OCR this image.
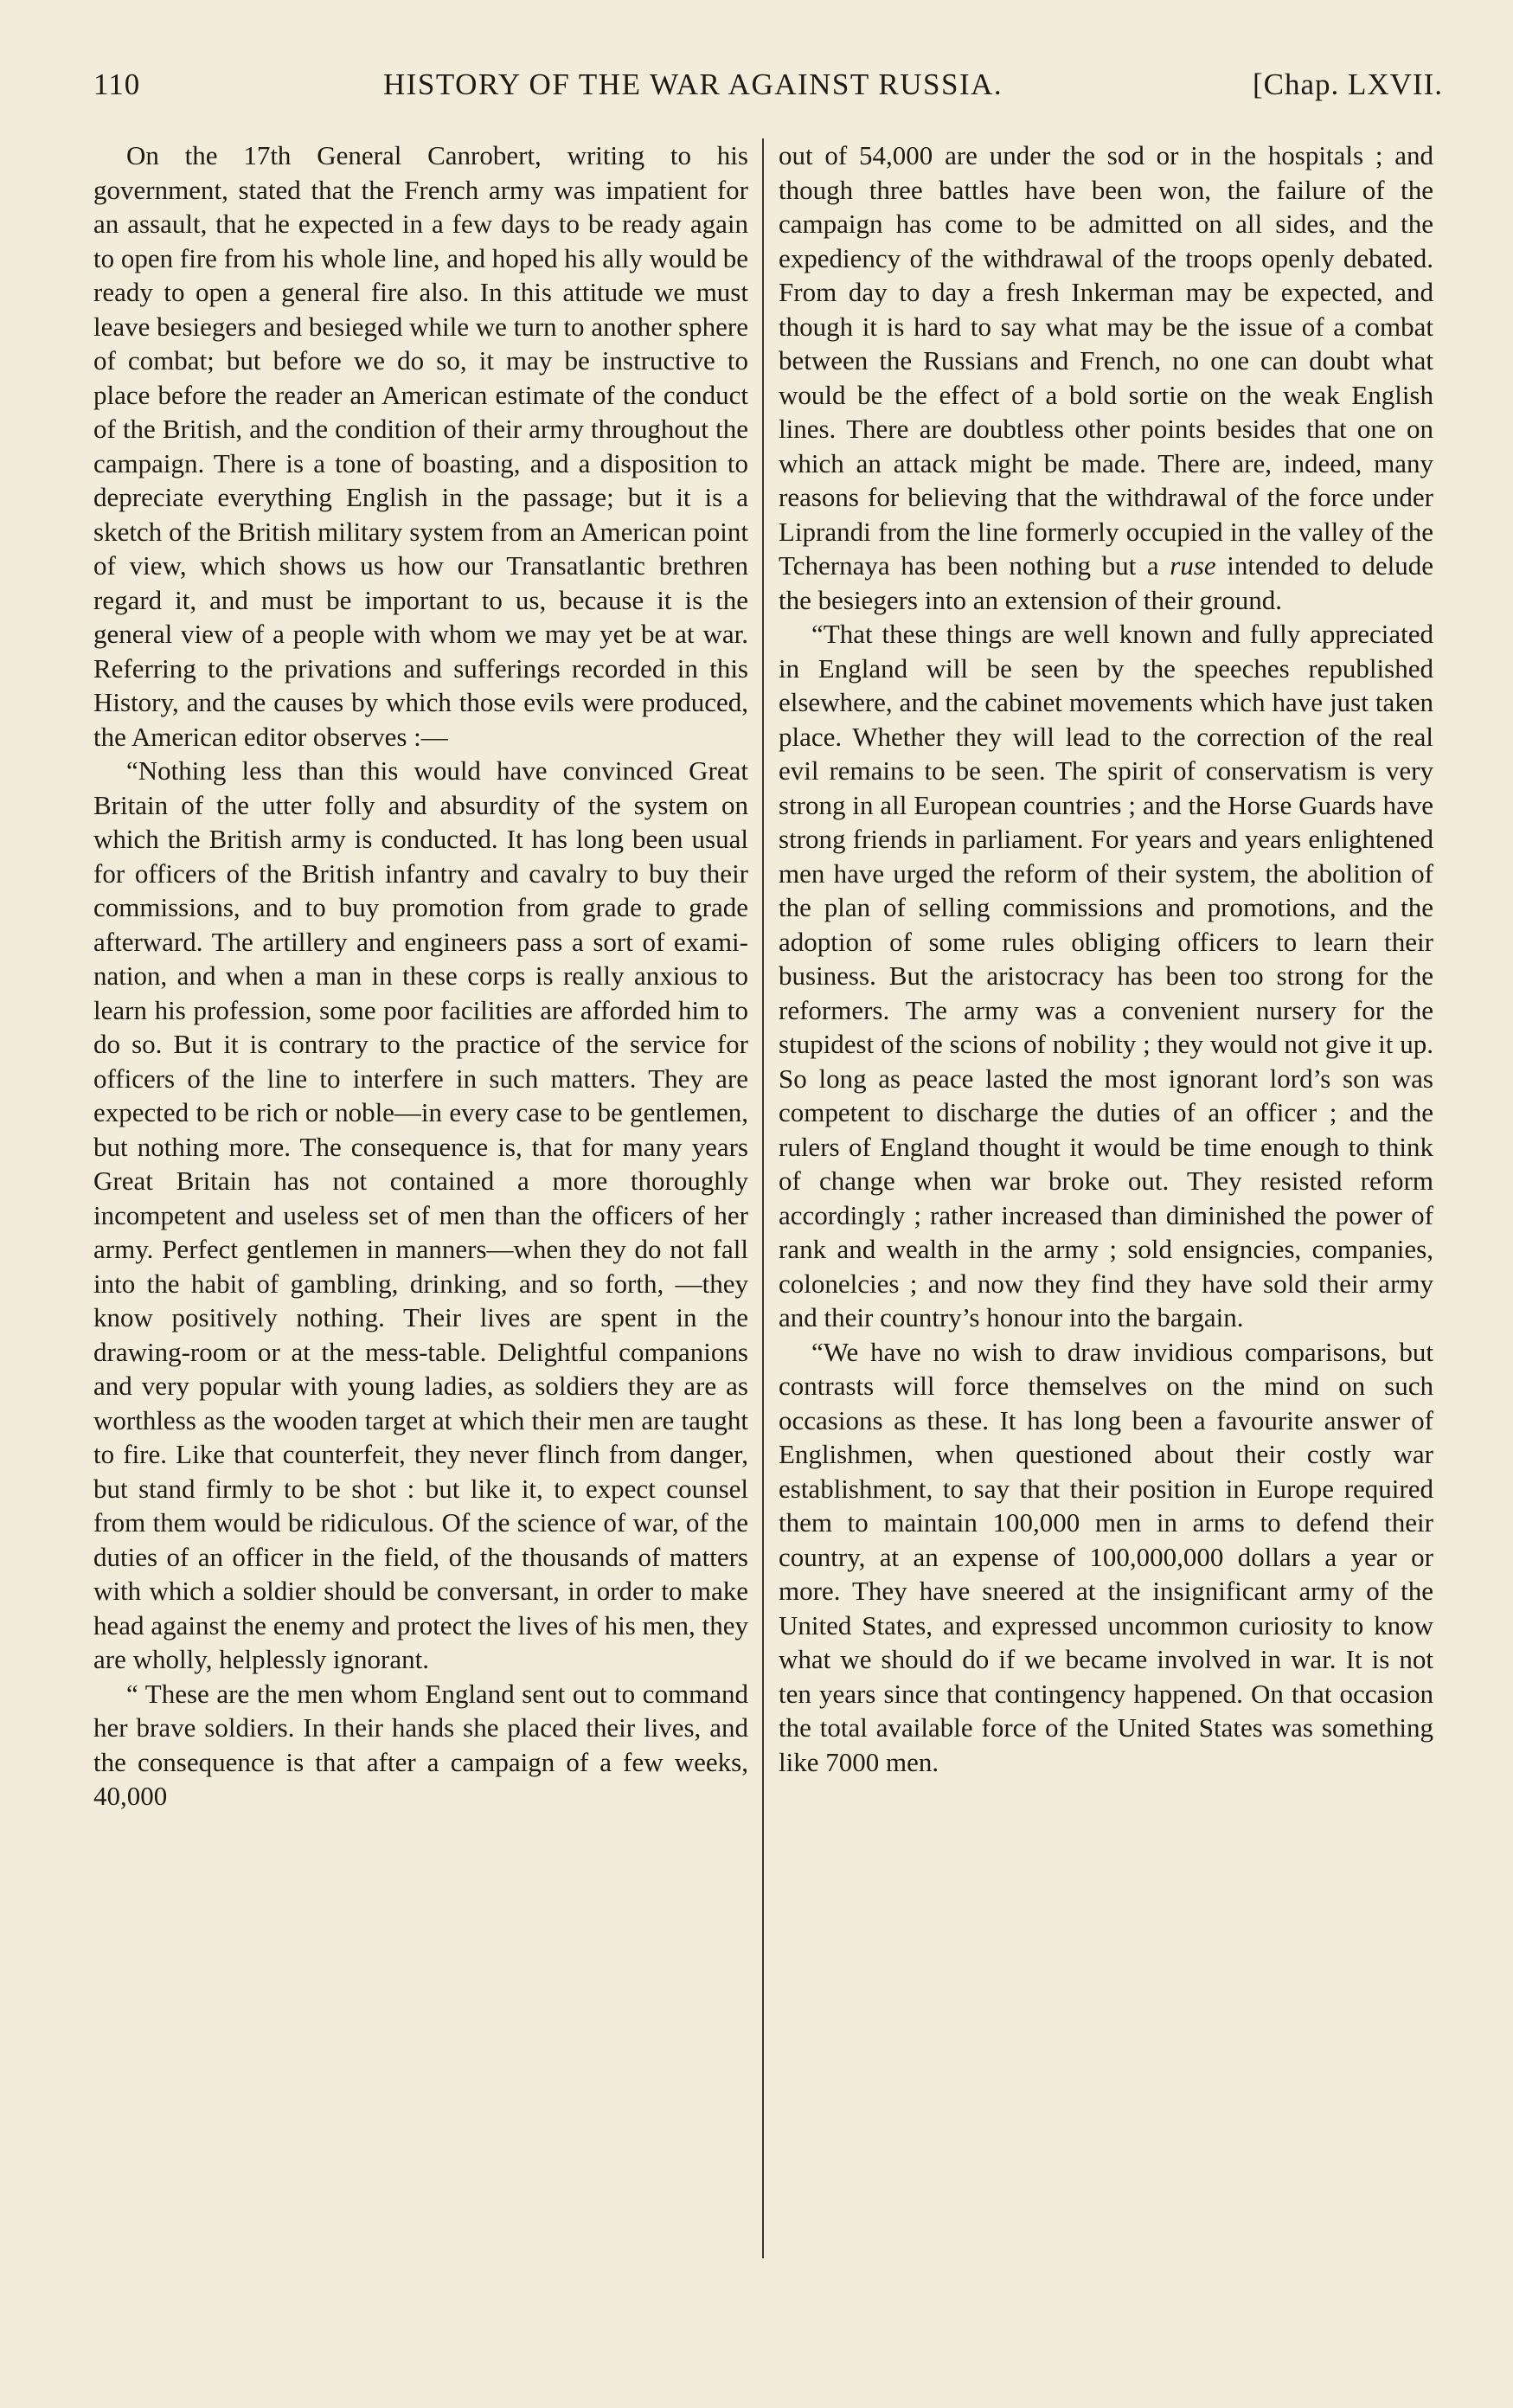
110	HISTORY OF THE WAR AGAINST RUSSIA.	[Chap. LXVII.

On the 17th General Canrobert, writing to his government, stated that the French army was impatient for an assault, that he expected in a few days to be ready again to open fire from his whole line, and hoped his ally would be ready to open a general fire also. In this attitude we must leave besiegers and besieged while we turn to another sphere of combat; but before we do so, it may be instructive to place before the reader an American estimate of the conduct of the British, and the condition of their army throughout the campaign. There is a tone of boasting, and a disposition to depreciate everything English in the passage; but it is a sketch of the British military system from an American point of view, which shows us how our Transatlantic brethren regard it, and must be important to us, because it is the general view of a people with whom we may yet be at war. Referring to the privations and sufferings recorded in this History, and the causes by which those evils were produced, the American editor observes :—

“Nothing less than this would have convinced Great Britain of the utter folly and absurdity of the system on which the British army is conducted. It has long been usual for officers of the British infantry and cavalry to buy their commissions, and to buy promotion from grade to grade afterward. The artillery and engineers pass a sort of examination, and when a man in these corps is really anxious to learn his profession, some poor facilities are afforded him to do so. But it is contrary to the practice of the service for officers of the line to interfere in such matters. They are expected to be rich or noble—in every case to be gentlemen, but nothing more. The consequence is, that for many years Great Britain has not contained a more thoroughly incompetent and useless set of men than the officers of her army. Perfect gentlemen in manners—when they do not fall into the habit of gambling, drinking, and so forth, —they know positively nothing. Their lives are spent in the drawing-room or at the mess-table. Delightful companions and very popular with young ladies, as soldiers they are as worthless as the wooden target at which their men are taught to fire. Like that counterfeit, they never flinch from danger, but stand firmly to be shot : but like it, to expect counsel from them would be ridiculous. Of the science of war, of the duties of an officer in the field, of the thousands of matters with which a soldier should be conversant, in order to make head against the enemy and protect the lives of his men, they are wholly, helplessly ignorant.

“ These are the men whom England sent out to command her brave soldiers. In their hands she placed their lives, and the consequence is that after a campaign of a few weeks, 40,000

out of 54,000 are under the sod or in the hospitals ; and though three battles have been won, the failure of the campaign has come to be admitted on all sides, and the expediency of the withdrawal of the troops openly debated. From day to day a fresh Inkerman may be expected, and though it is hard to say what may be the issue of a combat between the Russians and French, no one can doubt what would be the effect of a bold sortie on the weak English lines. There are doubtless other points besides that one on which an attack might be made. There are, indeed, many reasons for believing that the withdrawal of the force under Liprandi from the line formerly occupied in the valley of the Tchernaya has been nothing but a ruse intended to delude the besiegers into an extension of their ground.

“That these things are well known and fully appreciated in England will be seen by the speeches republished elsewhere, and the cabinet movements which have just taken place. Whether they will lead to the correction of the real evil remains to be seen. The spirit of conservatism is very strong in all European countries ; and the Horse Guards have strong friends in parliament. For years and years enlightened men have urged the reform of their system, the abolition of the plan of selling commissions and promotions, and the adoption of some rules obliging officers to learn their business. But the aristocracy has been too strong for the reformers. The army was a convenient nursery for the stupidest of the scions of nobility ; they would not give it up. So long as peace lasted the most ignorant lord’s son was competent to discharge the duties of an officer ; and the rulers of England thought it would be time enough to think of change when war broke out. They resisted reform accordingly ; rather increased than diminished the power of rank and wealth in the army ; sold ensigncies, companies, colonelcies ; and now they find they have sold their army and their country’s honour into the bargain.

“We have no wish to draw invidious comparisons, but contrasts will force themselves on the mind on such occasions as these. It has long been a favourite answer of Englishmen, when questioned about their costly war establishment, to say that their position in Europe required them to maintain 100,000 men in arms to defend their country, at an expense of 100,000,000 dollars a year or more. They have sneered at the insignificant army of the United States, and expressed uncommon curiosity to know what we should do if we became involved in war. It is not ten years since that contingency happened. On that occasion the total available force of the United States was something like 7000 men.
